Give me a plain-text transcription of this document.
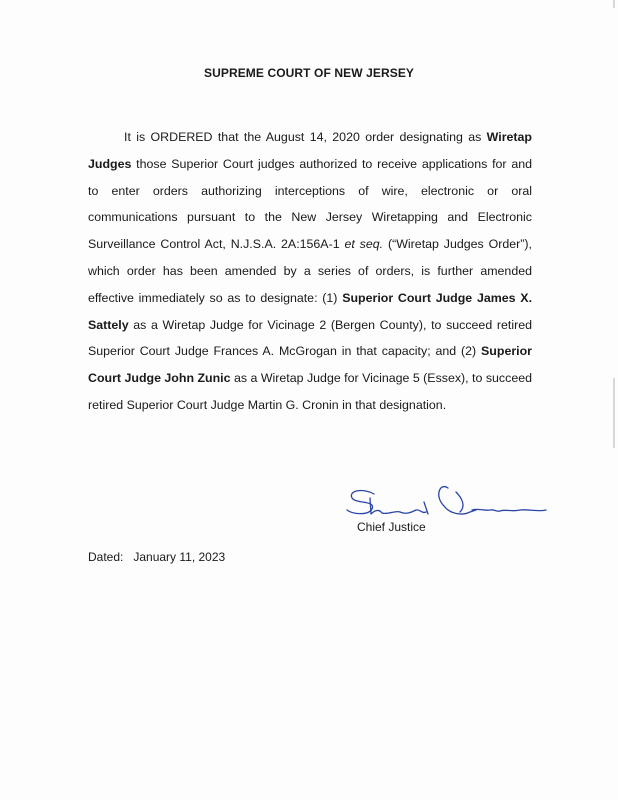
SUPREME COURT OF NEW JERSEY
It is ORDERED that the August 14, 2020 order designating as Wiretap Judges those Superior Court judges authorized to receive applications for and to enter orders authorizing interceptions of wire, electronic or oral communications pursuant to the New Jersey Wiretapping and Electronic Surveillance Control Act, N.J.S.A. 2A:156A-1 et seq. (“Wiretap Judges Order”), which order has been amended by a series of orders, is further amended effective immediately so as to designate: (1) Superior Court Judge James X. Sattely as a Wiretap Judge for Vicinage 2 (Bergen County), to succeed retired Superior Court Judge Frances A. McGrogan in that capacity; and (2) Superior Court Judge John Zunic as a Wiretap Judge for Vicinage 5 (Essex), to succeed retired Superior Court Judge Martin G. Cronin in that designation.
Chief Justice
Dated: January 11, 2023
